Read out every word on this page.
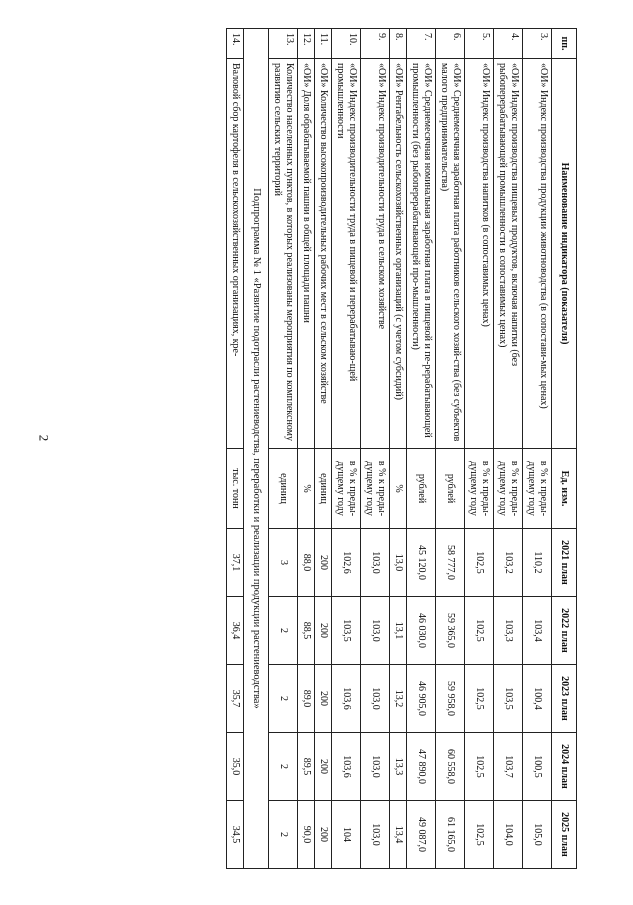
2
пп.	Наименование индикатора (показателя)	Ед. изм.	2021 план	2022 план	2023 план	2024 план	2025 план
3.	«ОИ» Индекс производства продукции животноводства (в сопостави-мых ценах)	в % к преды-дущему году	110,2	103,4	100,4	100,5	105,0
4.	«ОИ» Индекс производства пищевых продуктов, включая напитки (без рыбоперерабатывающей промышленности в сопоставимых ценах)	в % к преды-дущему году	103,2	103,3	103,5	103,7	104,0
5.	«ОИ» Индекс производства напитков (в сопоставимых ценах)	в % к преды-дущему году	102,5	102,5	102,5	102,5	102,5
6.	«ОИ» Среднемесячная заработная плата работников сельского хозяй-ства (без субъектов малого предпринимательства)	рублей	58 777,0	59 365,0	59 958,0	60 558,0	61 165,0
7.	«ОИ» Среднемесячная номинальная заработная плата в пищевой и пе-рерабатывающей промышленности (без рыбоперерабатывающей про-мышленности)	рублей	45 120,0	46 030,0	46 905,0	47 890,0	49 087,0
8.	«ОИ» Рентабельность сельскохозяйственных организаций (с учетом субсидий)	%	13,0	13,1	13,2	13,3	13,4
9.	«ОИ» Индекс производительности труда в сельском хозяйстве	в % к преды-дущему году	103,0	103,0	103,0	103,0	103,0
10.	«ОИ» Индекс производительности труда в пищевой и перерабатываю-щей промышленности	в % к преды-дущему году	102,6	103,5	103,6	103,6	104
11.	«ОИ» Количество высокопроизводительных рабочих мест в сельском хозяйстве	единиц	200	200	200	200	200
12.	«ОИ» Доля обрабатываемой пашни в общей площади пашни	%	88,0	88,5	89,0	89,5	90,0
13.	Количество населенных пунктов, в которых реализованы мероприятия по комплексному развитию сельских территорий	единиц	3	2	2	2	2
Подпрограмма № 1 «Развитие подотрасли растениеводства, переработки и реализации продукции растениеводства»							
14.	Валовой сбор картофеля в сельскохозяйственных организациях, кре-	тыс. тонн	37,1	36,4	35,7	35,0	34,5
